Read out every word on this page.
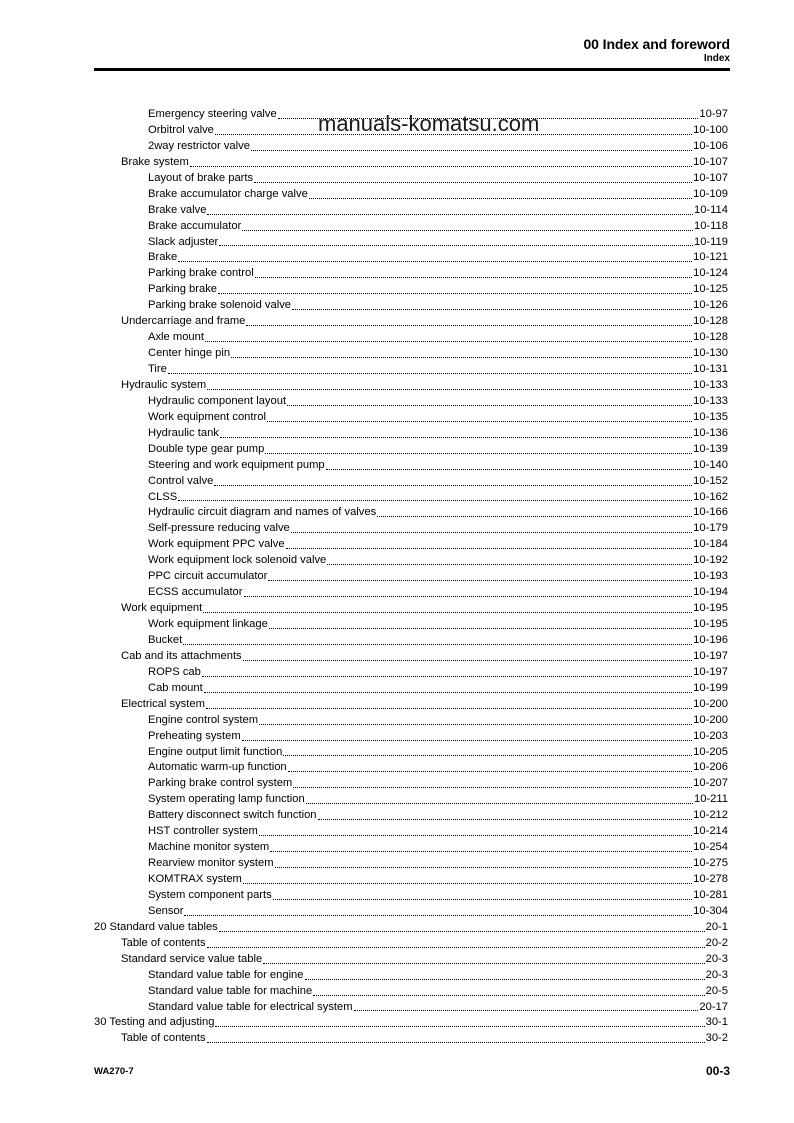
00 Index and foreword
Index
manuals-komatsu.com
Emergency steering valve	10-97
Orbitrol valve	10-100
2way restrictor valve	10-106
Brake system	10-107
Layout of brake parts	10-107
Brake accumulator charge valve	10-109
Brake valve	10-114
Brake accumulator	10-118
Slack adjuster	10-119
Brake	10-121
Parking brake control	10-124
Parking brake	10-125
Parking brake solenoid valve	10-126
Undercarriage and frame	10-128
Axle mount	10-128
Center hinge pin	10-130
Tire	10-131
Hydraulic system	10-133
Hydraulic component layout	10-133
Work equipment control	10-135
Hydraulic tank	10-136
Double type gear pump	10-139
Steering and work equipment pump	10-140
Control valve	10-152
CLSS	10-162
Hydraulic circuit diagram and names of valves	10-166
Self-pressure reducing valve	10-179
Work equipment PPC valve	10-184
Work equipment lock solenoid valve	10-192
PPC circuit accumulator	10-193
ECSS accumulator	10-194
Work equipment	10-195
Work equipment linkage	10-195
Bucket	10-196
Cab and its attachments	10-197
ROPS cab	10-197
Cab mount	10-199
Electrical system	10-200
Engine control system	10-200
Preheating system	10-203
Engine output limit function	10-205
Automatic warm-up function	10-206
Parking brake control system	10-207
System operating lamp function	10-211
Battery disconnect switch function	10-212
HST controller system	10-214
Machine monitor system	10-254
Rearview monitor system	10-275
KOMTRAX system	10-278
System component parts	10-281
Sensor	10-304
20 Standard value tables	20-1
Table of contents	20-2
Standard service value table	20-3
Standard value table for engine	20-3
Standard value table for machine	20-5
Standard value table for electrical system	20-17
30 Testing and adjusting	30-1
Table of contents	30-2
WA270-7	00-3
